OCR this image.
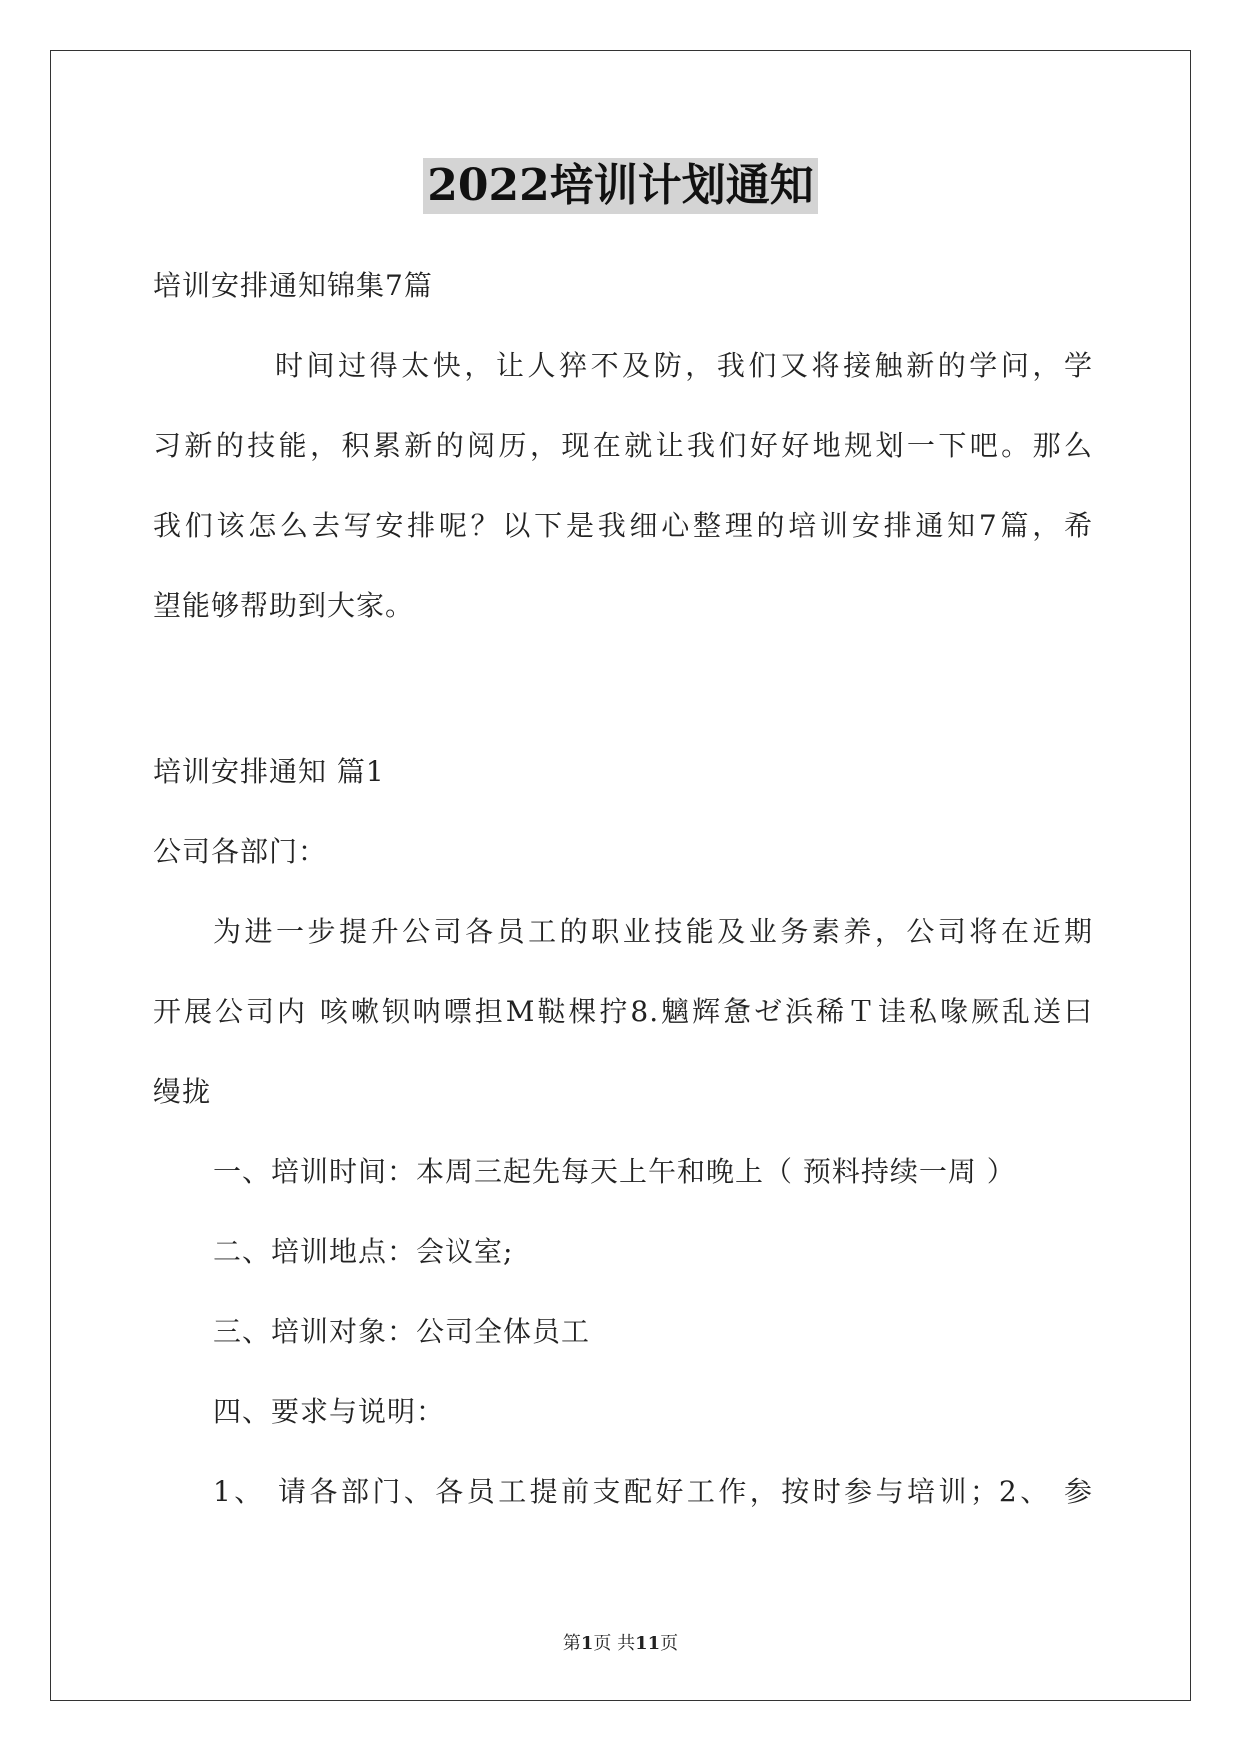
2022培训计划通知
培训安排通知锦集7篇
时间过得太快，让人猝不及防，我们又将接触新的学问，学
习新的技能，积累新的阅历，现在就让我们好好地规划一下吧。那么
我们该怎么去写安排呢？以下是我细心整理的培训安排通知7篇，希
望能够帮助到大家。
培训安排通知 篇1
公司各部门：
为进一步提升公司各员工的职业技能及业务素养，公司将在近期
开展公司内 咳嗽钡呐嘌担M鞑棵拧8.魑辉惫ゼ浜稀Ｔ诖私喙厥乱送曰
缦拢
一、培训时间：本周三起先每天上午和晚上（ 预料持续一周 ）
二、培训地点：会议室;
三、培训对象：公司全体员工
四、要求与说明：
1、 请各部门、各员工提前支配好工作，按时参与培训；2、 参
第1页 共11页
